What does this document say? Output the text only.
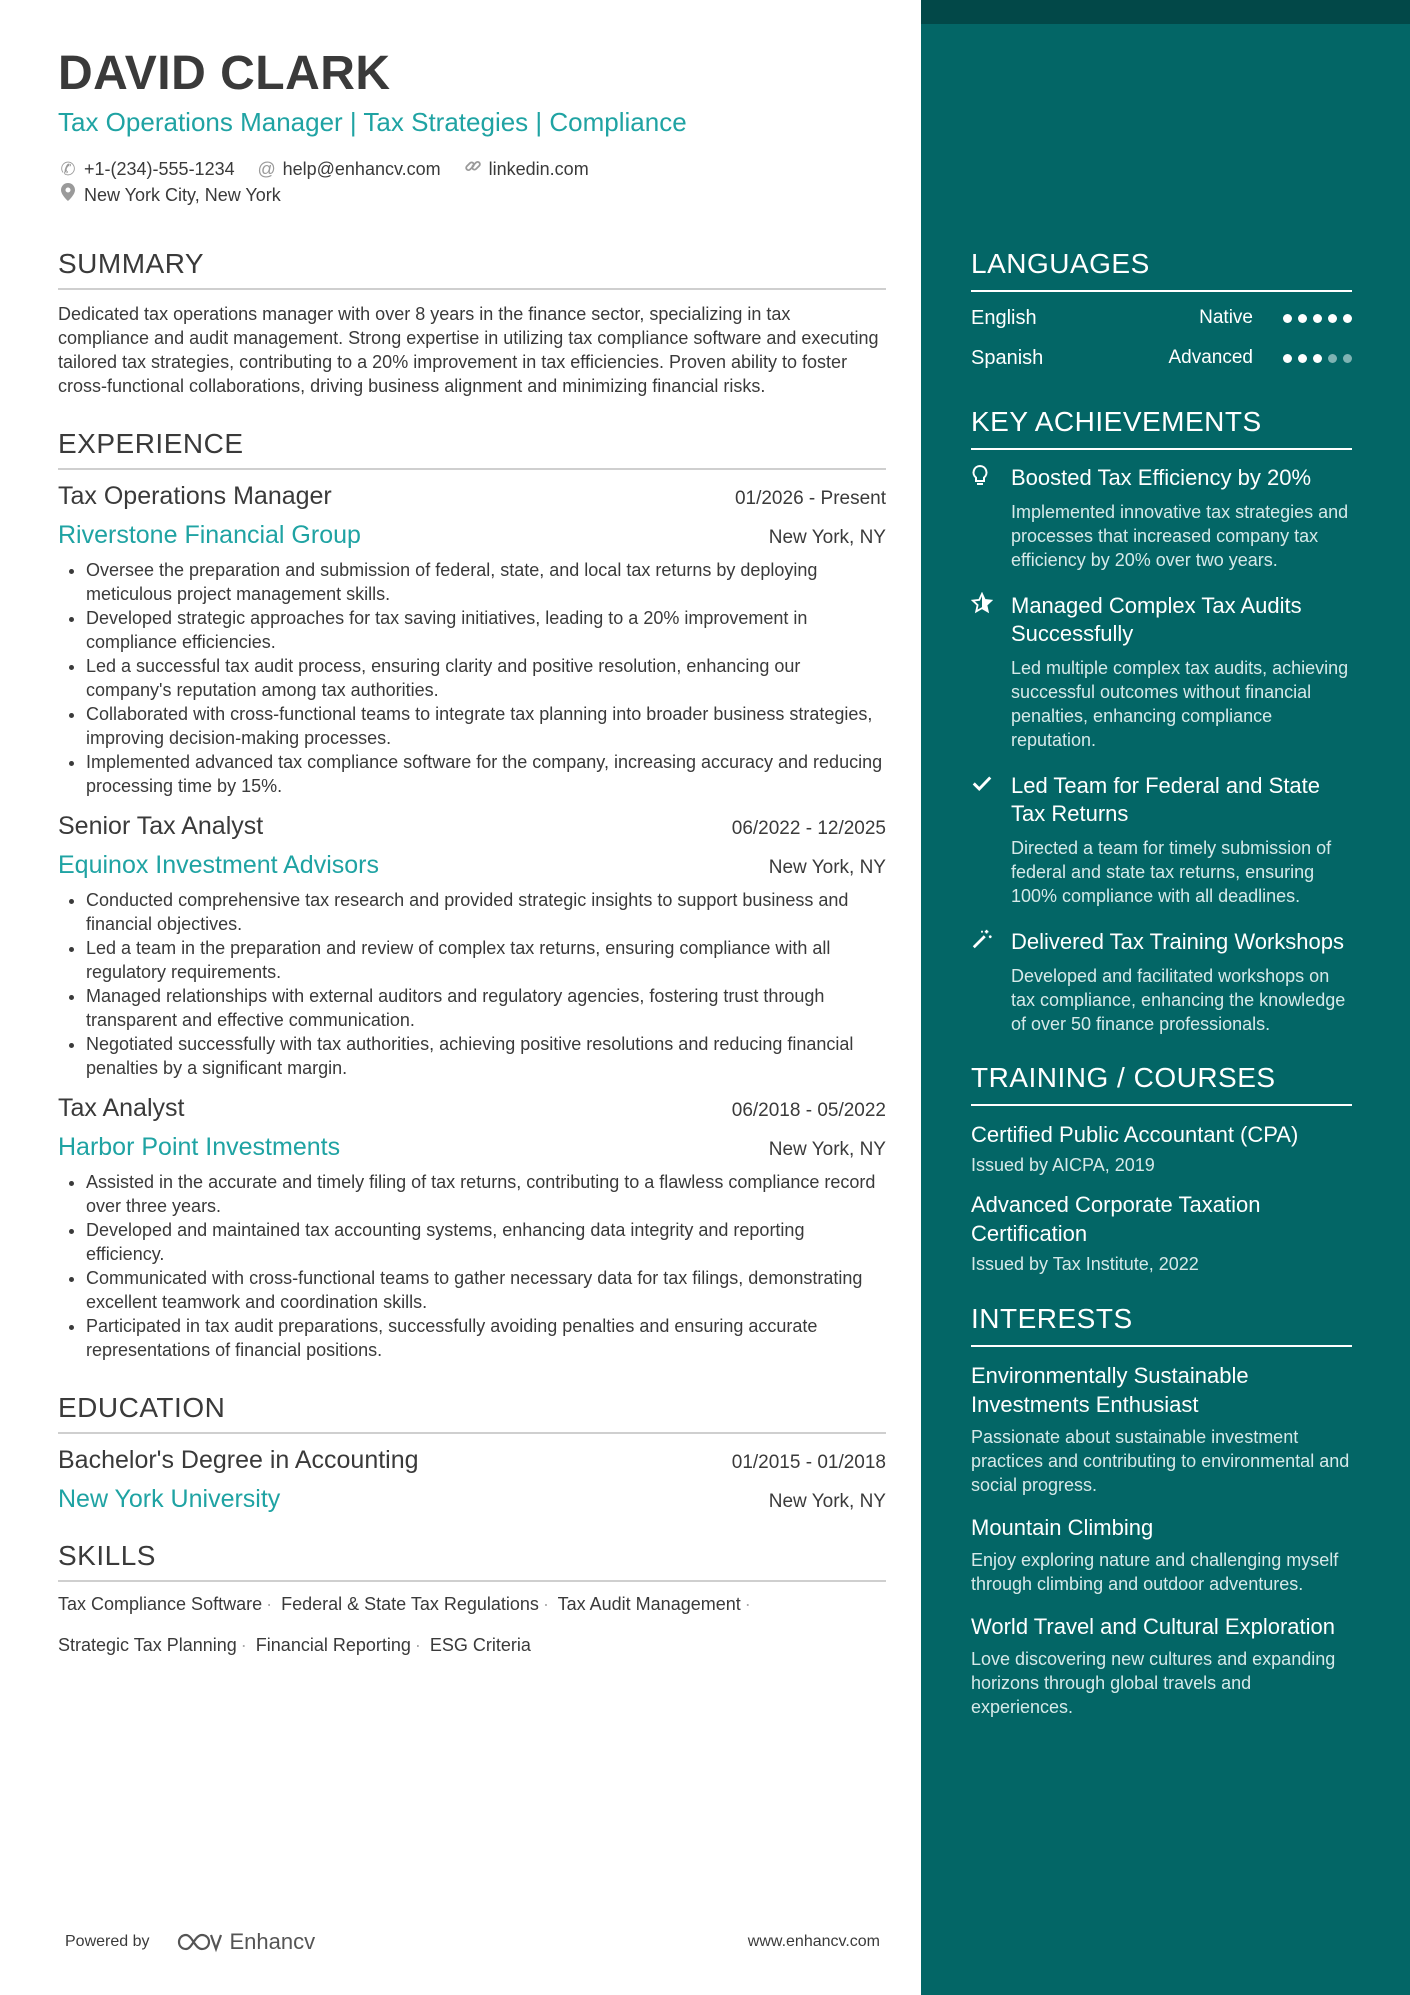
DAVID CLARK
Tax Operations Manager | Tax Strategies | Compliance
✆ +1-(234)-555-1234 @ help@enhancv.com	linkedin.com
New York City, New York
SUMMARY
Dedicated tax operations manager with over 8 years in the finance sector, specializing in tax compliance and audit management. Strong expertise in utilizing tax compliance software and executing tailored tax strategies, contributing to a 20% improvement in tax efficiencies. Proven ability to foster cross-functional collaborations, driving business alignment and minimizing financial risks.
EXPERIENCE
Tax Operations Manager	01/2026 - Present
Riverstone Financial Group	New York, NY
• Oversee the preparation and submission of federal, state, and local tax returns by deploying meticulous project management skills.
• Developed strategic approaches for tax saving initiatives, leading to a 20% improvement in compliance efficiencies.
• Led a successful tax audit process, ensuring clarity and positive resolution, enhancing our company's reputation among tax authorities.
• Collaborated with cross-functional teams to integrate tax planning into broader business strategies, improving decision-making processes.
• Implemented advanced tax compliance software for the company, increasing accuracy and reducing processing time by 15%.
Senior Tax Analyst	06/2022 - 12/2025
Equinox Investment Advisors	New York, NY
• Conducted comprehensive tax research and provided strategic insights to support business and financial objectives.
• Led a team in the preparation and review of complex tax returns, ensuring compliance with all regulatory requirements.
• Managed relationships with external auditors and regulatory agencies, fostering trust through transparent and effective communication.
• Negotiated successfully with tax authorities, achieving positive resolutions and reducing financial penalties by a significant margin.
Tax Analyst	06/2018 - 05/2022
Harbor Point Investments	New York, NY
• Assisted in the accurate and timely filing of tax returns, contributing to a flawless compliance record over three years.
• Developed and maintained tax accounting systems, enhancing data integrity and reporting efficiency.
• Communicated with cross-functional teams to gather necessary data for tax filings, demonstrating excellent teamwork and coordination skills.
• Participated in tax audit preparations, successfully avoiding penalties and ensuring accurate representations of financial positions.
EDUCATION
Bachelor's Degree in Accounting	01/2015 - 01/2018
New York University	New York, NY
SKILLS
Tax Compliance Software · Federal & State Tax Regulations · Tax Audit Management ·
Strategic Tax Planning · Financial Reporting · ESG Criteria
Powered by	Enhancv	www.enhancv.com
LANGUAGES
English	Native
Spanish	Advanced
KEY ACHIEVEMENTS
Boosted Tax Efficiency by 20%
Implemented innovative tax strategies and processes that increased company tax efficiency by 20% over two years.
Managed Complex Tax Audits Successfully
Led multiple complex tax audits, achieving successful outcomes without financial penalties, enhancing compliance reputation.
Led Team for Federal and State Tax Returns
Directed a team for timely submission of federal and state tax returns, ensuring 100% compliance with all deadlines.
Delivered Tax Training Workshops
Developed and facilitated workshops on tax compliance, enhancing the knowledge of over 50 finance professionals.
TRAINING / COURSES
Certified Public Accountant (CPA)
Issued by AICPA, 2019
Advanced Corporate Taxation Certification
Issued by Tax Institute, 2022
INTERESTS
Environmentally Sustainable Investments Enthusiast
Passionate about sustainable investment practices and contributing to environmental and social progress.
Mountain Climbing
Enjoy exploring nature and challenging myself through climbing and outdoor adventures.
World Travel and Cultural Exploration
Love discovering new cultures and expanding horizons through global travels and experiences.
